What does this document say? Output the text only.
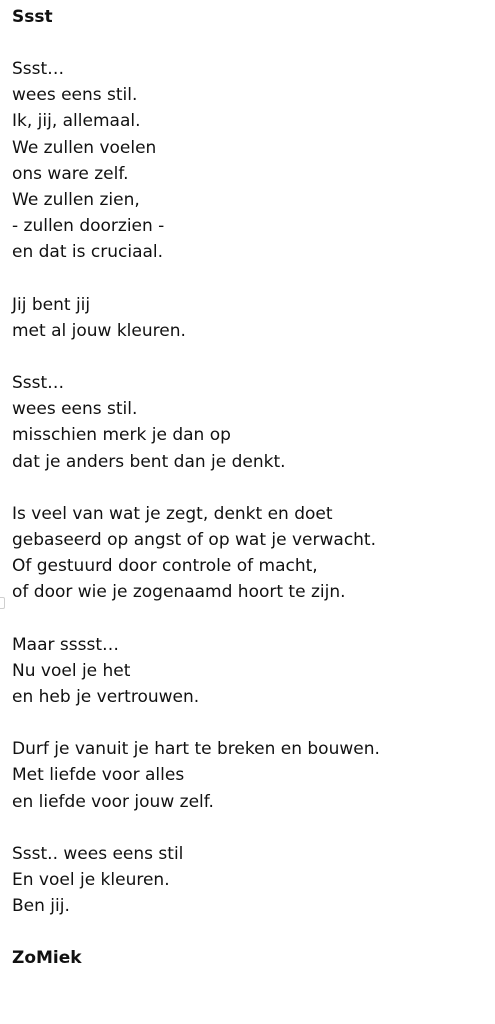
Ssst
Ssst…
wees eens stil.
Ik, jij, allemaal.
We zullen voelen
ons ware zelf.
We zullen zien,
- zullen doorzien -
en dat is cruciaal.
Jij bent jij
met al jouw kleuren.
Ssst…
wees eens stil.
misschien merk je dan op
dat je anders bent dan je denkt.
Is veel van wat je zegt, denkt en doet
gebaseerd op angst of op wat je verwacht.
Of gestuurd door controle of macht,
of door wie je zogenaamd hoort te zijn.
Maar sssst…
Nu voel je het
en heb je vertrouwen.
Durf je vanuit je hart te breken en bouwen.
Met liefde voor alles
en liefde voor jouw zelf.
Ssst.. wees eens stil
En voel je kleuren.
Ben jij.
ZoMiek
